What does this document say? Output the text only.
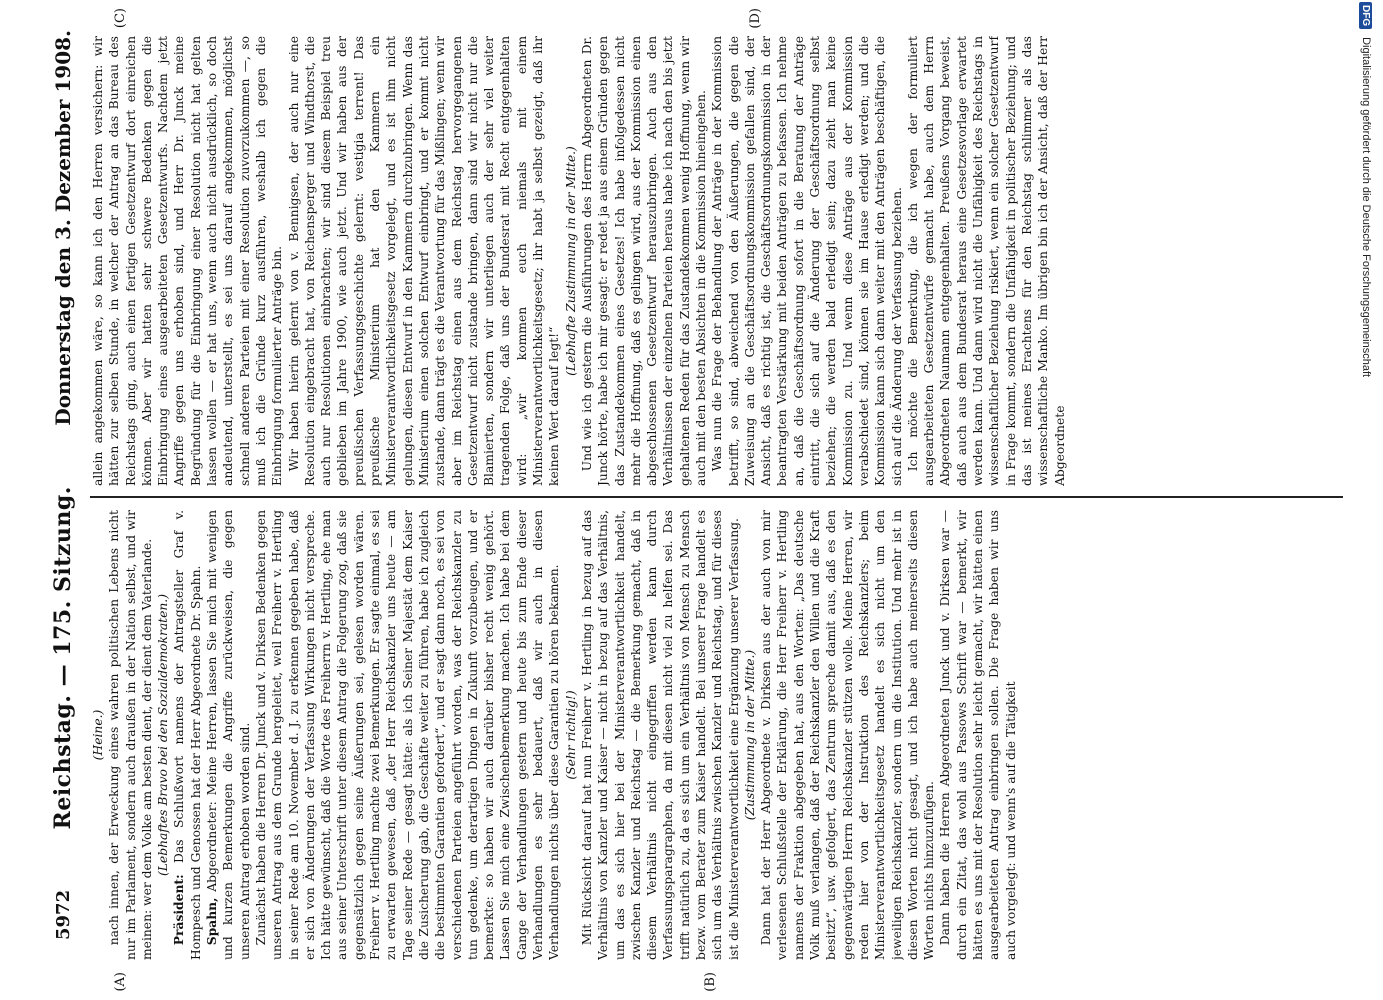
DFG
Digitalisierung gefördert durch die Deutsche Forschungsgemeinschaft
5972
Reichstag. — 175. Sitzung.
Donnerstag den 3. Dezember 1908.

(Heine.) nach innen, der Erweckung eines wahren politischen Lebens nicht nur im Parlament, sondern auch draußen in der Nation selbst, und wir meinen: wer dem Volke am besten dient, der dient dem Vaterlande. (Lebhaftes Bravo bei den Sozialdemokraten.)

Präsident: Das Schlußwort namens der Antragsteller Graf v. Hompesch und Genossen hat der Herr Abgeordnete Dr. Spahn. Spahn, Abgeordneter: Meine Herren, lassen Sie mich mit wenigen und kurzen Bemerkungen die Angriffe zurückweisen, die gegen unseren Antrag erhoben worden sind. Zunächst haben die Herren Dr. Junck und v. Dirksen Bedenken gegen unseren Antrag aus dem Grunde hergeleitet, weil Freiherr v. Hertling in seiner Rede am 10. November d. J. zu erkennen gegeben habe, daß er sich von Änderungen der Verfassung Wirkungen nicht verspreche. Ich hätte gewünscht, daß die Worte des Freiherrn v. Hertling, ehe man aus seiner Unterschrift unter diesem Antrag die Folgerung zog, daß sie gegensätzlich gegen seine Äußerungen sei, gelesen worden wären. Freiherr v. Hertling machte zwei Bemerkungen. Er sagte einmal, es sei zu erwarten gewesen, daß „der Herr Reichskanzler uns heute — am Tage seiner Rede — gesagt hätte: als ich Seiner Majestät dem Kaiser die Zusicherung gab, die Geschäfte weiter zu führen, habe ich zugleich die bestimmten Garantien gefordert“, und er sagt dann noch, es sei von verschiedenen Parteien angeführt worden, was der Reichskanzler zu tun gedenke, um derartigen Dingen in Zukunft vorzubeugen, und er bemerkte: so haben wir auch darüber bisher recht wenig gehört. Lassen Sie mich eine Zwischenbemerkung machen. Ich habe bei dem Gange der Verhandlungen gestern und heute bis zum Ende dieser Verhandlungen es sehr bedauert, daß wir auch in diesen Verhandlungen nichts über diese Garantien zu hören bekamen. (Sehr richtig!) Mit Rücksicht darauf hat nun Freiherr v. Hertling in bezug auf das Verhältnis von Kanzler und Kaiser — nicht in bezug auf das Verhältnis, um das es sich hier bei der Ministerverantwortlichkeit handelt, zwischen Kanzler und Reichstag — die Bemerkung gemacht, daß in diesem Verhältnis nicht eingegriffen werden kann durch Verfassungsparagraphen, da mit diesen nicht viel zu helfen sei. Das trifft natürlich zu, da es sich um ein Verhältnis von Mensch zu Mensch bezw. vom Berater zum Kaiser handelt. Bei unserer Frage handelt es sich um das Verhältnis zwischen Kanzler und Reichstag, und für dieses ist die Ministerverantwortlichkeit eine Ergänzung unserer Verfassung. (Zustimmung in der Mitte.) Dann hat der Herr Abgeordnete v. Dirksen aus der auch von mir verlesenen Schlußstelle der Erklärung, die Herr Freiherr v. Hertling namens der Fraktion abgegeben hat, aus den Worten: „Das deutsche Volk muß verlangen, daß der Reichskanzler den Willen und die Kraft besitzt“, usw. gefolgert, das Zentrum spreche damit aus, daß es den gegenwärtigen Herrn Reichskanzler stützen wolle. Meine Herren, wir reden hier von der Instruktion des Reichskanzlers; beim Ministerverantwortlichkeitsgesetz handelt es sich nicht um den jeweiligen Reichskanzler, sondern um die Institution. Und mehr ist in diesen Worten nicht gesagt, und ich habe auch meinerseits diesen Worten nichts hinzuzufügen. Dann haben die Herren Abgeordneten Junck und v. Dirksen war — durch ein Zitat, das wohl aus Passows Schrift war — bemerkt, wir hätten es uns mit der Resolution sehr leicht gemacht, wir hätten einen ausgearbeiteten Antrag einbringen sollen. Die Frage haben wir uns auch vorgelegt: und wenn's auf die Tätigkeit

allein angekommen wäre, so kann ich den Herren versichern: wir hätten zur selben Stunde, in welcher der Antrag an das Bureau des Reichstags ging, auch einen fertigen Gesetzentwurf dort einreichen können. Aber wir hatten sehr schwere Bedenken gegen die Einbringung eines ausgearbeiteten Gesetzentwurfs. Nachdem jetzt Angriffe gegen uns erhoben sind, und Herr Dr. Junck meine Begründung für die Einbringung einer Resolution nicht hat gelten lassen wollen — er hat uns, wenn auch nicht ausdrücklich, so doch andeutend, unterstellt, es sei uns darauf angekommen, möglichst schnell anderen Parteien mit einer Resolution zuvorzukommen —, so muß ich die Gründe kurz ausführen, weshalb ich gegen die Einbringung formulierter Anträge bin. Wir haben hierin gelernt von v. Bennigsen, der auch nur eine Resolution eingebracht hat, von Reichensperger und Windthorst, die auch nur Resolutionen einbrachten; wir sind diesem Beispiel treu geblieben im Jahre 1900, wie auch jetzt. Und wir haben aus der preußischen Verfassungsgeschichte gelernt: vestigia terrent! Das preußische Ministerium hat den Kammern ein Ministerverantwortlichkeitsgesetz vorgelegt, und es ist ihm nicht gelungen, diesen Entwurf in den Kammern durchzubringen. Wenn das Ministerium einen solchen Entwurf einbringt, und er kommt nicht zustande, dann trägt es die Verantwortung für das Mißlingen; wenn wir aber im Reichstag einen aus dem Reichstag hervorgegangenen Gesetzentwurf nicht zustande bringen, dann sind wir nicht nur die Blamierten, sondern wir unterliegen auch der sehr viel weiter tragenden Folge, daß uns der Bundesrat mit Recht entgegenhalten wird: „wir kommen euch niemals mit einem Ministerverantwortlichkeitsgesetz; ihr habt ja selbst gezeigt, daß ihr keinen Wert darauf legt!“

(Lebhafte Zustimmung in der Mitte.) Und wie ich gestern die Ausführungen des Herrn Abgeordneten Dr. Junck hörte, habe ich mir gesagt: er redet ja aus einem Gründen gegen das Zustandekommen eines Gesetzes! Ich habe infolgedessen nicht mehr die Hoffnung, daß es gelingen wird, aus der Kommission einen abgeschlossenen Gesetzentwurf herauszubringen. Auch aus den Verhältnissen der einzelnen Parteien heraus habe ich nach den bis jetzt gehaltenen Reden für das Zustandekommen wenig Hoffnung, wenn wir auch mit den besten Absichten in die Kommission hineingehen. Was nun die Frage der Behandlung der Anträge in der Kommission betrifft, so sind, abweichend von den Äußerungen, die gegen die Zuweisung an die Geschäftsordnungskommission gefallen sind, der Ansicht, daß es richtig ist, die Geschäftsordnungskommission in der beantragten Verstärkung mit beiden Anträgen zu befassen. Ich nehme an, daß die Geschäftsordnung sofort in die Beratung der Anträge eintritt, die sich auf die Änderung der Geschäftsordnung selbst beziehen; die werden bald erledigt sein; dazu zieht man keine Kommission zu. Und wenn diese Anträge aus der Kommission verabschiedet sind, können sie im Hause erledigt werden; und die Kommission kann sich dann weiter mit den Anträgen beschäftigen, die sich auf die Änderung der Verfassung beziehen. Ich möchte die Bemerkung, die ich wegen der formuliert ausgearbeiteten Gesetzentwürfe gemacht habe, auch dem Herrn Abgeordneten Naumann entgegenhalten. Preußens Vorgang beweist, daß auch aus dem Bundesrat heraus eine Gesetzesvorlage erwartet werden kann. Und dann wird nicht die Unfähigkeit des Reichstags in wissenschaftlicher Beziehung riskiert, wenn ein solcher Gesetzentwurf in Frage kommt, sondern die Unfähigkeit in politischer Beziehung; und das ist meines Erachtens für den Reichstag schlimmer als das wissenschaftliche Manko. Im übrigen bin ich der Ansicht, daß der Herr Abgeordnete

(A)	(B)
(C)	(D)
